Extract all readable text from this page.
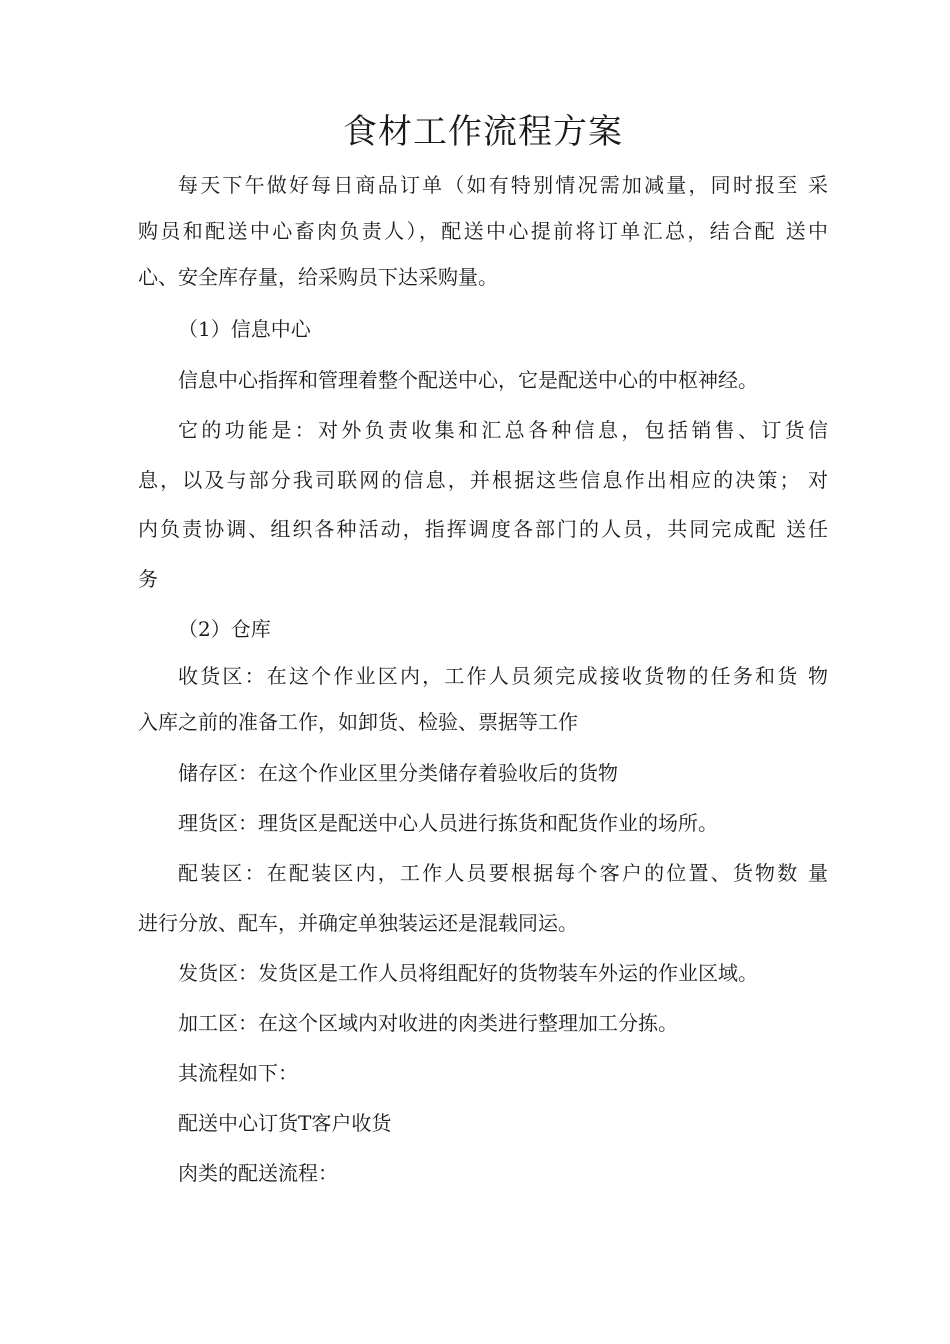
食材工作流程方案
每天下午做好每日商品订单（如有特别情况需加减量，同时报至 采
购员和配送中心畜肉负责人），配送中心提前将订单汇总，结合配 送中
心、安全库存量，给采购员下达采购量。
（1）信息中心
信息中心指挥和管理着整个配送中心，它是配送中心的中枢神经。
它的功能是：对外负责收集和汇总各种信息，包括销售、订货信
息，以及与部分我司联网的信息，并根据这些信息作出相应的决策； 对
内负责协调、组织各种活动，指挥调度各部门的人员，共同完成配 送任
务
（2）仓库
收货区：在这个作业区内，工作人员须完成接收货物的任务和货 物
入库之前的准备工作，如卸货、检验、票据等工作
储存区：在这个作业区里分类储存着验收后的货物
理货区：理货区是配送中心人员进行拣货和配货作业的场所。
配装区：在配装区内，工作人员要根据每个客户的位置、货物数 量
进行分放、配车，并确定单独装运还是混载同运。
发货区：发货区是工作人员将组配好的货物装车外运的作业区域。
加工区：在这个区域内对收进的肉类进行整理加工分拣。
其流程如下：
配送中心订货T客户收货
肉类的配送流程：
